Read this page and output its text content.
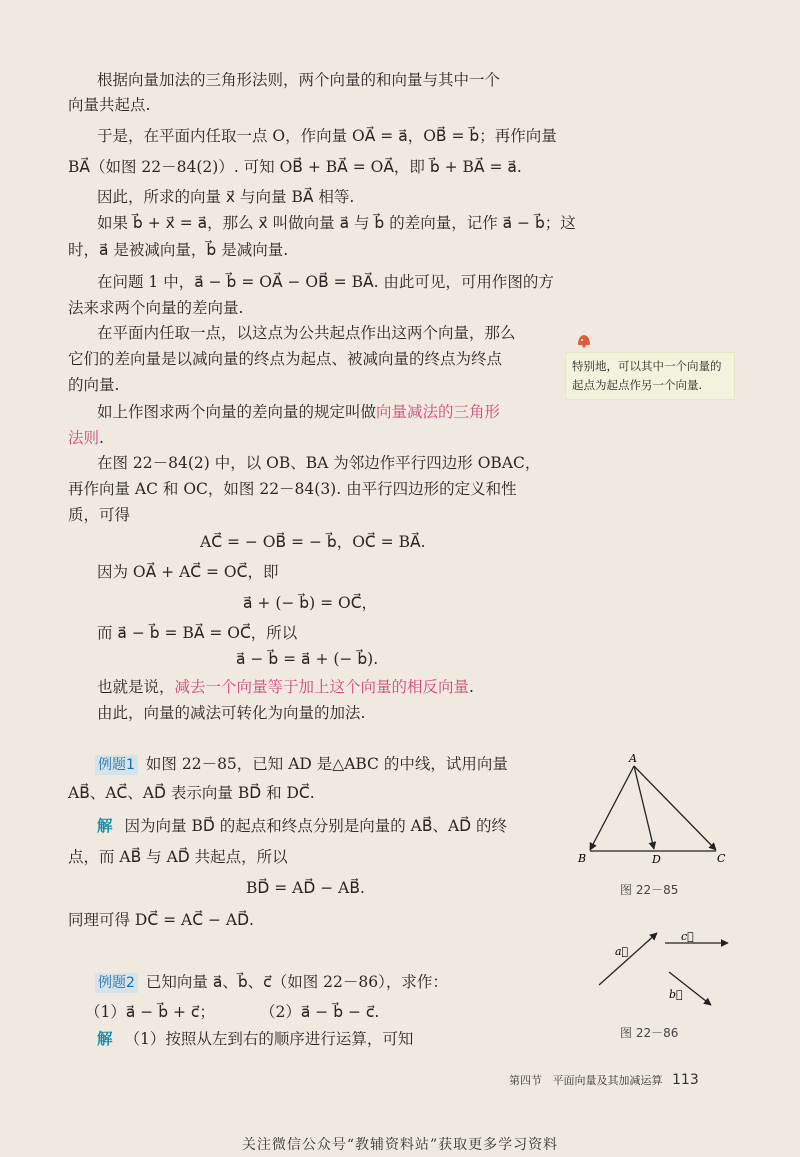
根据向量加法的三角形法则，两个向量的和向量与其中一个
向量共起点.
于是，在平面内任取一点 O，作向量 OA⃗ = a⃗，OB⃗ = b⃗；再作向量
BA⃗（如图 22－84(2)）. 可知 OB⃗ + BA⃗ = OA⃗，即 b⃗ + BA⃗ = a⃗.
因此，所求的向量 x⃗ 与向量 BA⃗ 相等.
如果 b⃗ + x⃗ = a⃗，那么 x⃗ 叫做向量 a⃗ 与 b⃗ 的差向量，记作 a⃗ − b⃗；这
时，a⃗ 是被减向量，b⃗ 是减向量.
在问题 1 中，a⃗ − b⃗ = OA⃗ − OB⃗ = BA⃗. 由此可见，可用作图的方
法来求两个向量的差向量.
在平面内任取一点，以这点为公共起点作出这两个向量，那么
它们的差向量是以减向量的终点为起点、被减向量的终点为终点
的向量.
如上作图求两个向量的差向量的规定叫做向量减法的三角形
法则.
在图 22－84(2) 中，以 OB、BA 为邻边作平行四边形 OBAC，
再作向量 AC 和 OC，如图 22－84(3). 由平行四边形的定义和性
质，可得
AC⃗ = − OB⃗ = − b⃗，OC⃗ = BA⃗.
因为 OA⃗ + AC⃗ = OC⃗，即
a⃗ + (− b⃗) = OC⃗，
而 a⃗ − b⃗ = BA⃗ = OC⃗，所以
a⃗ − b⃗ = a⃗ + (− b⃗).
也就是说，减去一个向量等于加上这个向量的相反向量.
由此，向量的减法可转化为向量的加法.
例题1 如图 22－85，已知 AD 是△ABC 的中线，试用向量
AB⃗、AC⃗、AD⃗ 表示向量 BD⃗ 和 DC⃗.
解 因为向量 BD⃗ 的起点和终点分别是向量的 AB⃗、AD⃗ 的终
点，而 AB⃗ 与 AD⃗ 共起点，所以
BD⃗ = AD⃗ − AB⃗.
同理可得 DC⃗ = AC⃗ − AD⃗.
例题2 已知向量 a⃗、b⃗、c⃗（如图 22－86），求作：
（1）a⃗ − b⃗ + c⃗；	（2）a⃗ − b⃗ − c⃗.
解 （1）按照从左到右的顺序进行运算，可知
特别地，可以其中一个向量的起点为起点作另一个向量.
A
B	D	C
图 22－85
a⃗
c⃗
b⃗
图 22－86
第四节 平面向量及其加减运算 113
关注微信公众号“教辅资料站”获取更多学习资料
